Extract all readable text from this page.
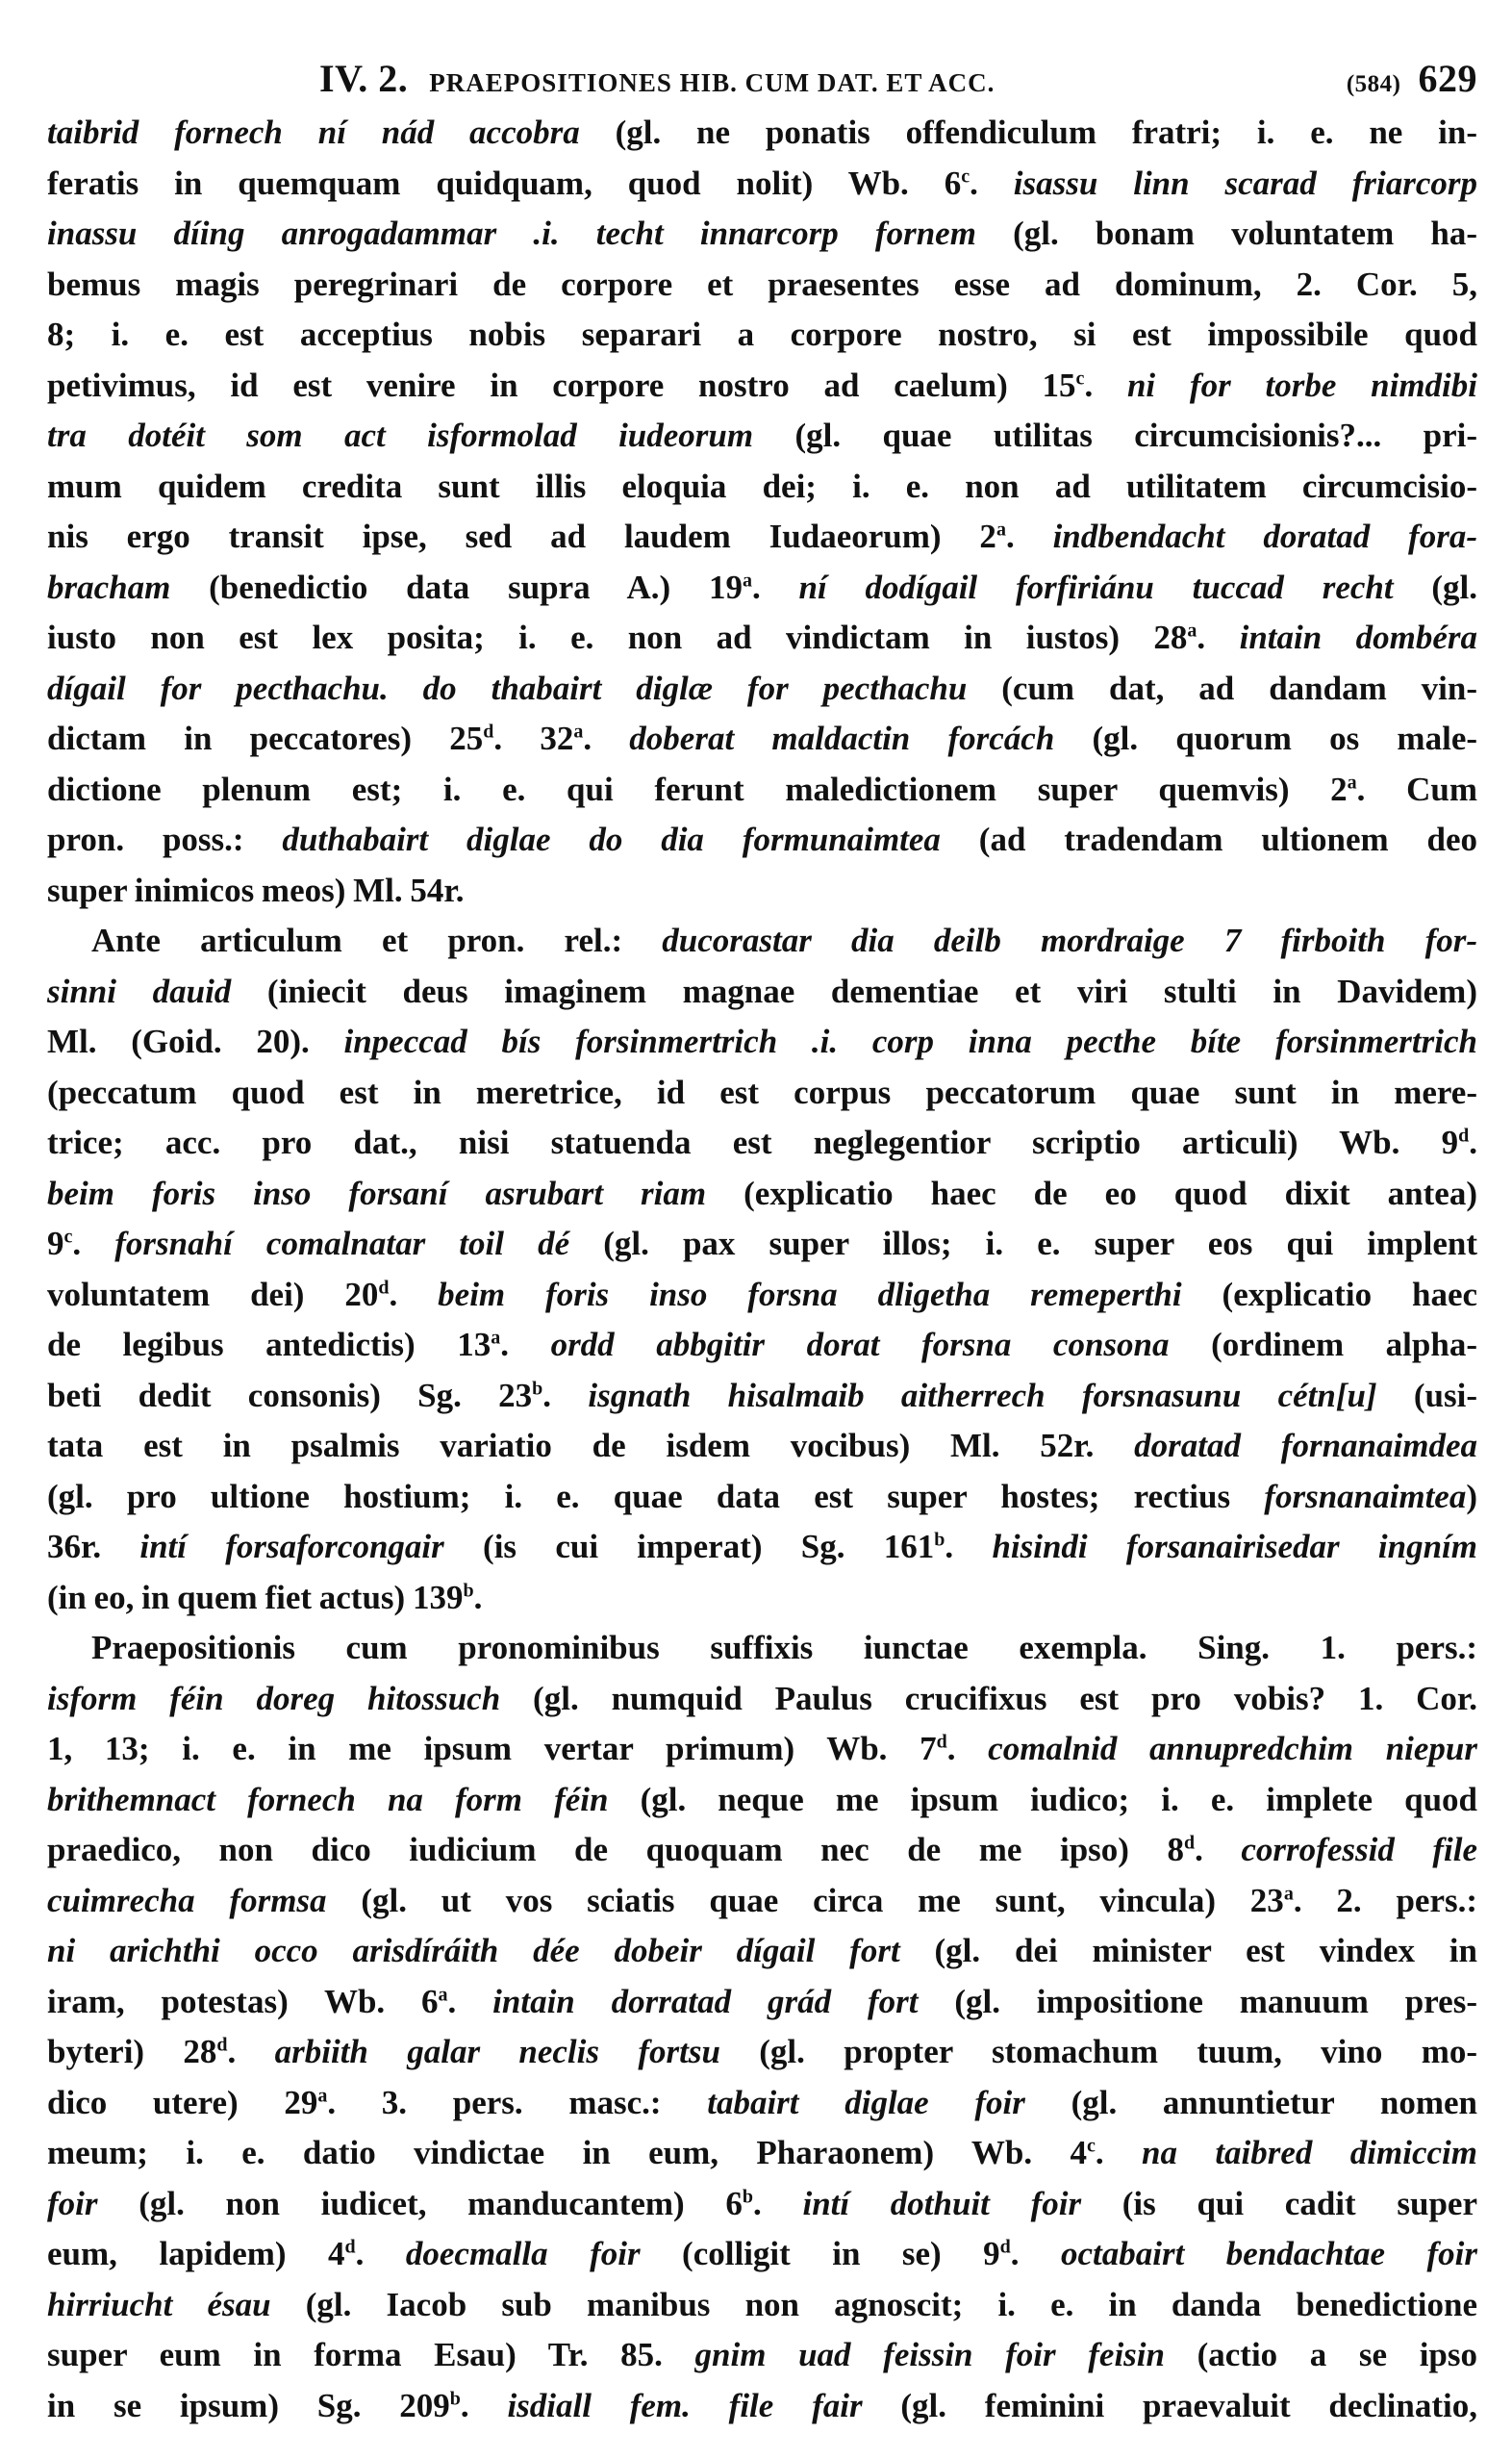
IV. 2. PRAEPOSITIONES HIB. CUM DAT. ET ACC.	(584) 629
taibrid fornech ní nád accobra (gl. ne ponatis offendiculum fratri; i. e. ne in-
feratis in quemquam quidquam, quod nolit) Wb. 6$^c$. isassu linn scarad friarcorp
inassu díing anrogadammar .i. techt innarcorp fornem (gl. bonam voluntatem ha-
bemus magis peregrinari de corpore et praesentes esse ad dominum, 2. Cor. 5,
8; i. e. est acceptius nobis separari a corpore nostro, si est impossibile quod
petivimus, id est venire in corpore nostro ad caelum) 15$^c$. ni for torbe nimdibi
tra dotéit som act isformolad iudeorum (gl. quae utilitas circumcisionis?... pri-
mum quidem credita sunt illis eloquia dei; i. e. non ad utilitatem circumcisio-
nis ergo transit ipse, sed ad laudem Iudaeorum) 2$^a$. indbendacht doratad fora-
bracham (benedictio data supra A.) 19$^a$. ní dodígail forfiriánu tuccad recht (gl.
iusto non est lex posita; i. e. non ad vindictam in iustos) 28$^a$. intain dombéra
dígail for pecthachu. do thabairt diglæ for pecthachu (cum dat, ad dandam vin-
dictam in peccatores) 25$^d$. 32$^a$. doberat maldactin forcách (gl. quorum os male-
dictione plenum est; i. e. qui ferunt maledictionem super quemvis) 2$^a$. Cum
pron. poss.: duthabairt diglae do dia formunaimtea (ad tradendam ultionem deo
super inimicos meos) Ml. 54r.
Ante articulum et pron. rel.: ducorastar dia deilb mordraige 7 firboith for-
sinni dauid (iniecit deus imaginem magnae dementiae et viri stulti in Davidem)
Ml. (Goid. 20). inpeccad bís forsinmertrich .i. corp inna pecthe bíte forsinmertrich
(peccatum quod est in meretrice, id est corpus peccatorum quae sunt in mere-
trice; acc. pro dat., nisi statuenda est neglegentior scriptio articuli) Wb. 9$^d$.
beim foris inso forsaní asrubart riam (explicatio haec de eo quod dixit antea)
9$^c$. forsnahí comalnatar toil dé (gl. pax super illos; i. e. super eos qui implent
voluntatem dei) 20$^d$. beim foris inso forsna dligetha remeperthi (explicatio haec
de legibus antedictis) 13$^a$. ordd abbgitir dorat forsna consona (ordinem alpha-
beti dedit consonis) Sg. 23$^b$. isgnath hisalmaib aitherrech forsnasunu cétn[u] (usi-
tata est in psalmis variatio de isdem vocibus) Ml. 52r. doratad fornanaimdea
(gl. pro ultione hostium; i. e. quae data est super hostes; rectius forsnanaimtea)
36r. intí forsaforcongair (is cui imperat) Sg. 161$^b$. hisindi forsanairisedar ingním
(in eo, in quem fiet actus) 139$^b$.
Praepositionis cum pronominibus suffixis iunctae exempla. Sing. 1. pers.:
isform féin doreg hitossuch (gl. numquid Paulus crucifixus est pro vobis? 1. Cor.
1, 13; i. e. in me ipsum vertar primum) Wb. 7$^d$. comalnid annupredchim niepur
brithemnact fornech na form féin (gl. neque me ipsum iudico; i. e. implete quod
praedico, non dico iudicium de quoquam nec de me ipso) 8$^d$. corrofessid file
cuimrecha formsa (gl. ut vos sciatis quae circa me sunt, vincula) 23$^a$. 2. pers.:
ni arichthi occo arisdíráith dée dobeir dígail fort (gl. dei minister est vindex in
iram, potestas) Wb. 6$^a$. intain dorratad grád fort (gl. impositione manuum pres-
byteri) 28$^d$. arbiith galar neclis fortsu (gl. propter stomachum tuum, vino mo-
dico utere) 29$^a$. 3. pers. masc.: tabairt diglae foir (gl. annuntietur nomen
meum; i. e. datio vindictae in eum, Pharaonem) Wb. 4$^c$. na taibred dimiccim
foir (gl. non iudicet, manducantem) 6$^b$. intí dothuit foir (is qui cadit super
eum, lapidem) 4$^d$. doecmalla foir (colligit in se) 9$^d$. octabairt bendachtae foir
hirriucht ésau (gl. Iacob sub manibus non agnoscit; i. e. in danda benedictione
super eum in forma Esau) Tr. 85. gnim uad feissin foir feisin (actio a se ipso
in se ipsum) Sg. 209$^b$. isdiall fem. file fair (gl. feminini praevaluit declinatio,
